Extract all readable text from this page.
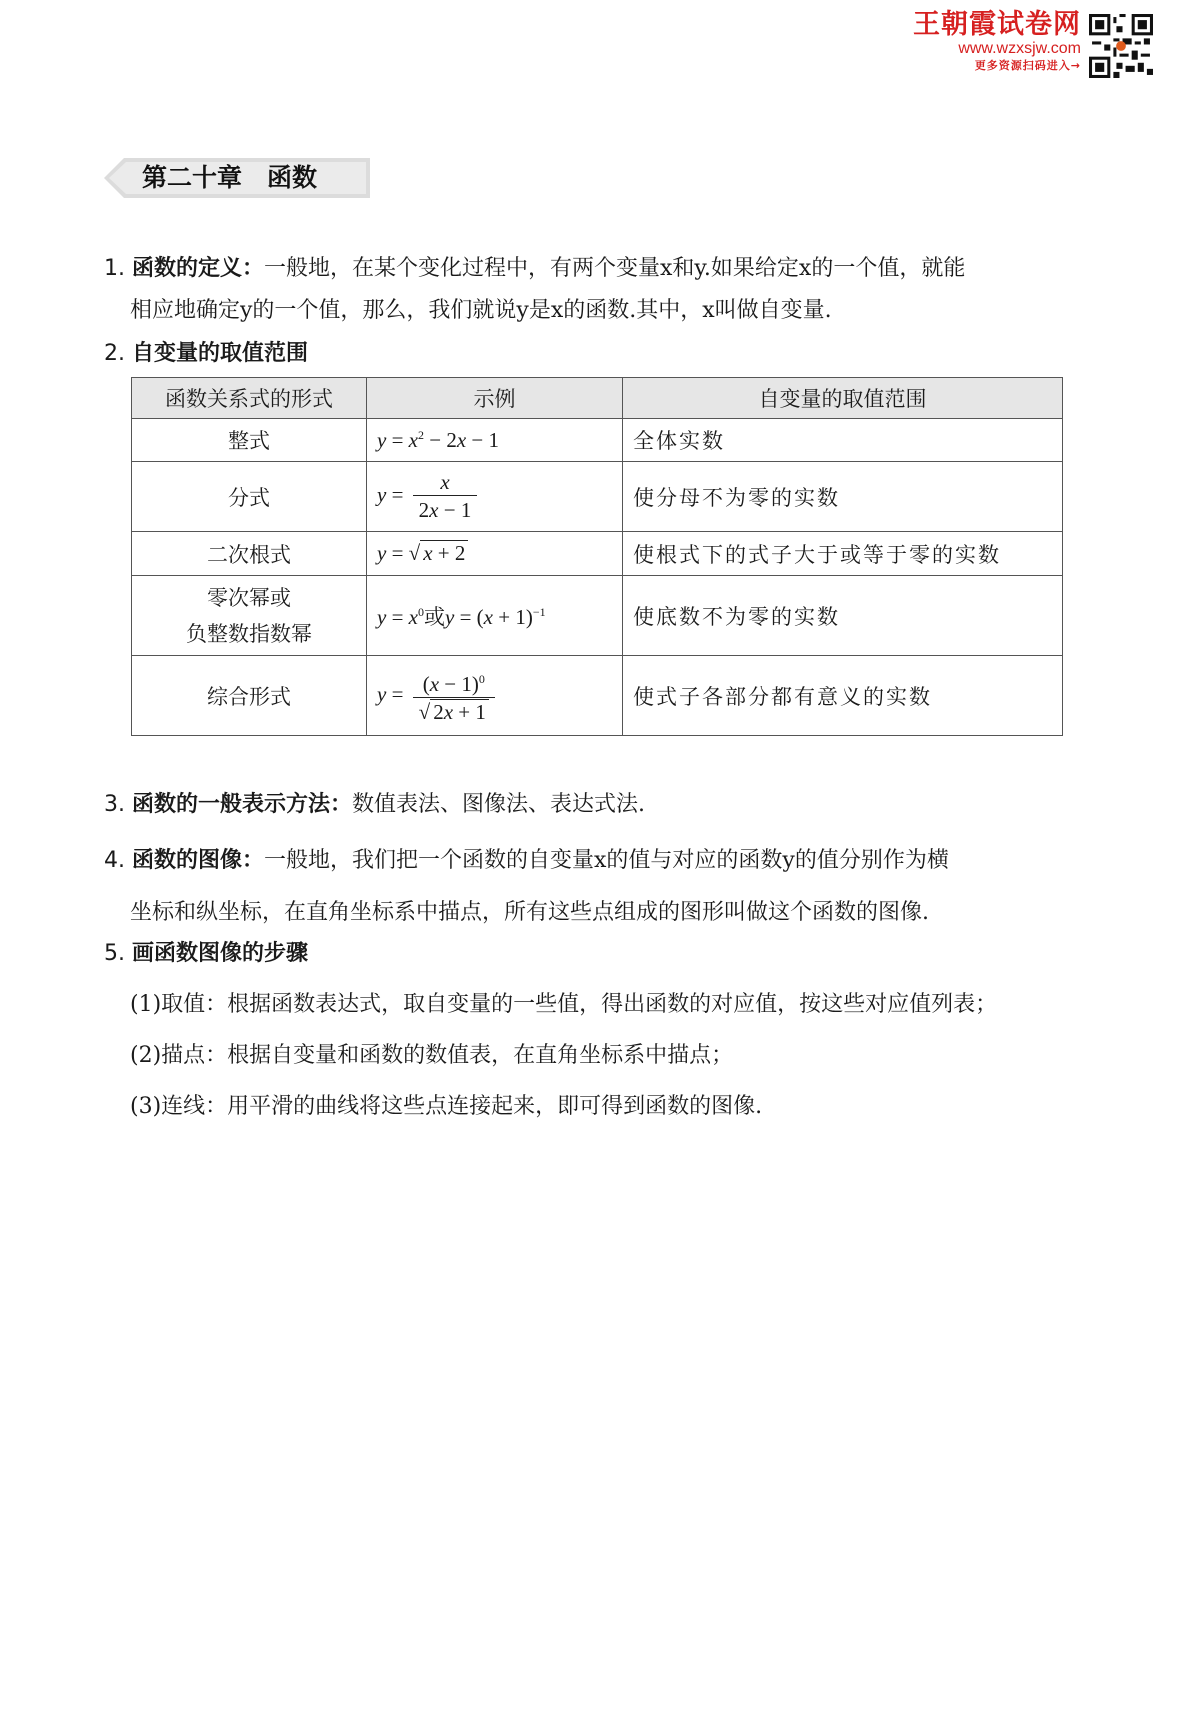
王朝霞试卷网
www.wzxsjw.com
更多资源扫码进入→
第二十章　函数
1. 函数的定义：一般地，在某个变化过程中，有两个变量x和y.如果给定x的一个值，就能
相应地确定y的一个值，那么，我们就说y是x的函数.其中，x叫做自变量.
2. 自变量的取值范围
函数关系式的形式	示例	自变量的取值范围
整式	$y = x^2 - 2x - 1$	全体实数
分式	$y = \frac{x}{2x - 1}$	使分母不为零的实数
二次根式	y = √ x + 2	使根式下的式子大于或等于零的实数

零次幂或
负整数指数幂	$y = x^0$或$y = (x + 1)^{-1}$	使底数不为零的实数
综合形式	$y = \frac{(x - 1)^0}{√ 2x + 1}$	使式子各部分都有意义的实数
3. 函数的一般表示方法：数值表法、图像法、表达式法.
4. 函数的图像：一般地，我们把一个函数的自变量x的值与对应的函数y的值分别作为横
坐标和纵坐标，在直角坐标系中描点，所有这些点组成的图形叫做这个函数的图像.
5. 画函数图像的步骤
(1)取值：根据函数表达式，取自变量的一些值，得出函数的对应值，按这些对应值列表；
(2)描点：根据自变量和函数的数值表，在直角坐标系中描点；
(3)连线：用平滑的曲线将这些点连接起来，即可得到函数的图像.
